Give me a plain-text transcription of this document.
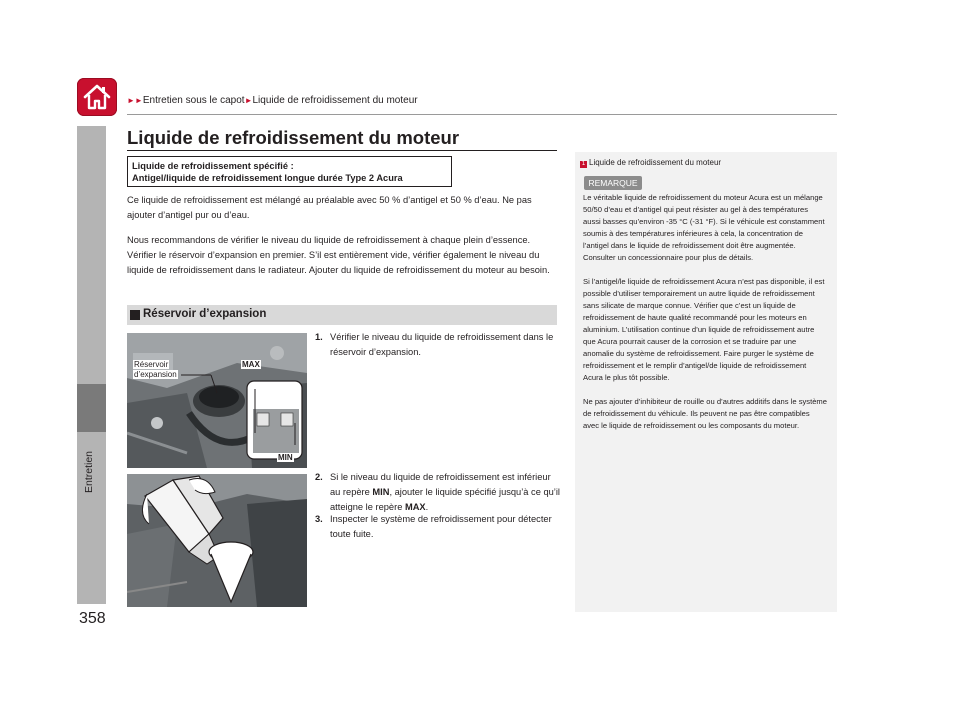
►►Entretien sous le capot►Liquide de refroidissement du moteur
Entretien
358
Liquide de refroidissement du moteur
Liquide de refroidissement spécifié :
Antigel/liquide de refroidissement longue durée Type 2 Acura
Ce liquide de refroidissement est mélangé au préalable avec 50 % d’antigel et 50 % d’eau. Ne pas ajouter d’antigel pur ou d’eau.
Nous recommandons de vérifier le niveau du liquide de refroidissement à chaque plein d’essence. Vérifier le réservoir d’expansion en premier. S’il est entièrement vide, vérifier également le niveau du liquide de refroidissement dans le radiateur. Ajouter du liquide de refroidissement du moteur au besoin.
Réservoir d’expansion
Réservoir
d’expansion
MAX
MIN
1. Vérifier le niveau du liquide de refroidissement dans le réservoir d’expansion.
2. Si le niveau du liquide de refroidissement est inférieur au repère MIN, ajouter le liquide spécifié jusqu’à ce qu’il atteigne le repère MAX.
3. Inspecter le système de refroidissement pour détecter toute fuite.
1 Liquide de refroidissement du moteur
REMARQUE

Le véritable liquide de refroidissement du moteur Acura est un mélange 50/50 d’eau et d’antigel qui peut résister au gel à des températures aussi basses qu’environ -35 °C (-31 °F). Si le véhicule est constamment soumis à des températures inférieures à cela, la concentration de l’antigel dans le liquide de refroidissement doit être augmentée. Consulter un concessionnaire pour plus de détails.

Si l’antigel/le liquide de refroidissement Acura n’est pas disponible, il est possible d’utiliser temporairement un autre liquide de refroidissement sans silicate de marque connue. Vérifier que c’est un liquide de refroidissement de haute qualité recommandé pour les moteurs en aluminium. L’utilisation continue d’un liquide de refroidissement autre que Acura pourrait causer de la corrosion et se traduire par une anomalie du système de refroidissement. Faire purger le système de refroidissement et le remplir d’antigel/de liquide de refroidissement Acura le plus tôt possible.

Ne pas ajouter d’inhibiteur de rouille ou d’autres additifs dans le système de refroidissement du véhicule. Ils peuvent ne pas être compatibles avec le liquide de refroidissement ou les composants du moteur.
